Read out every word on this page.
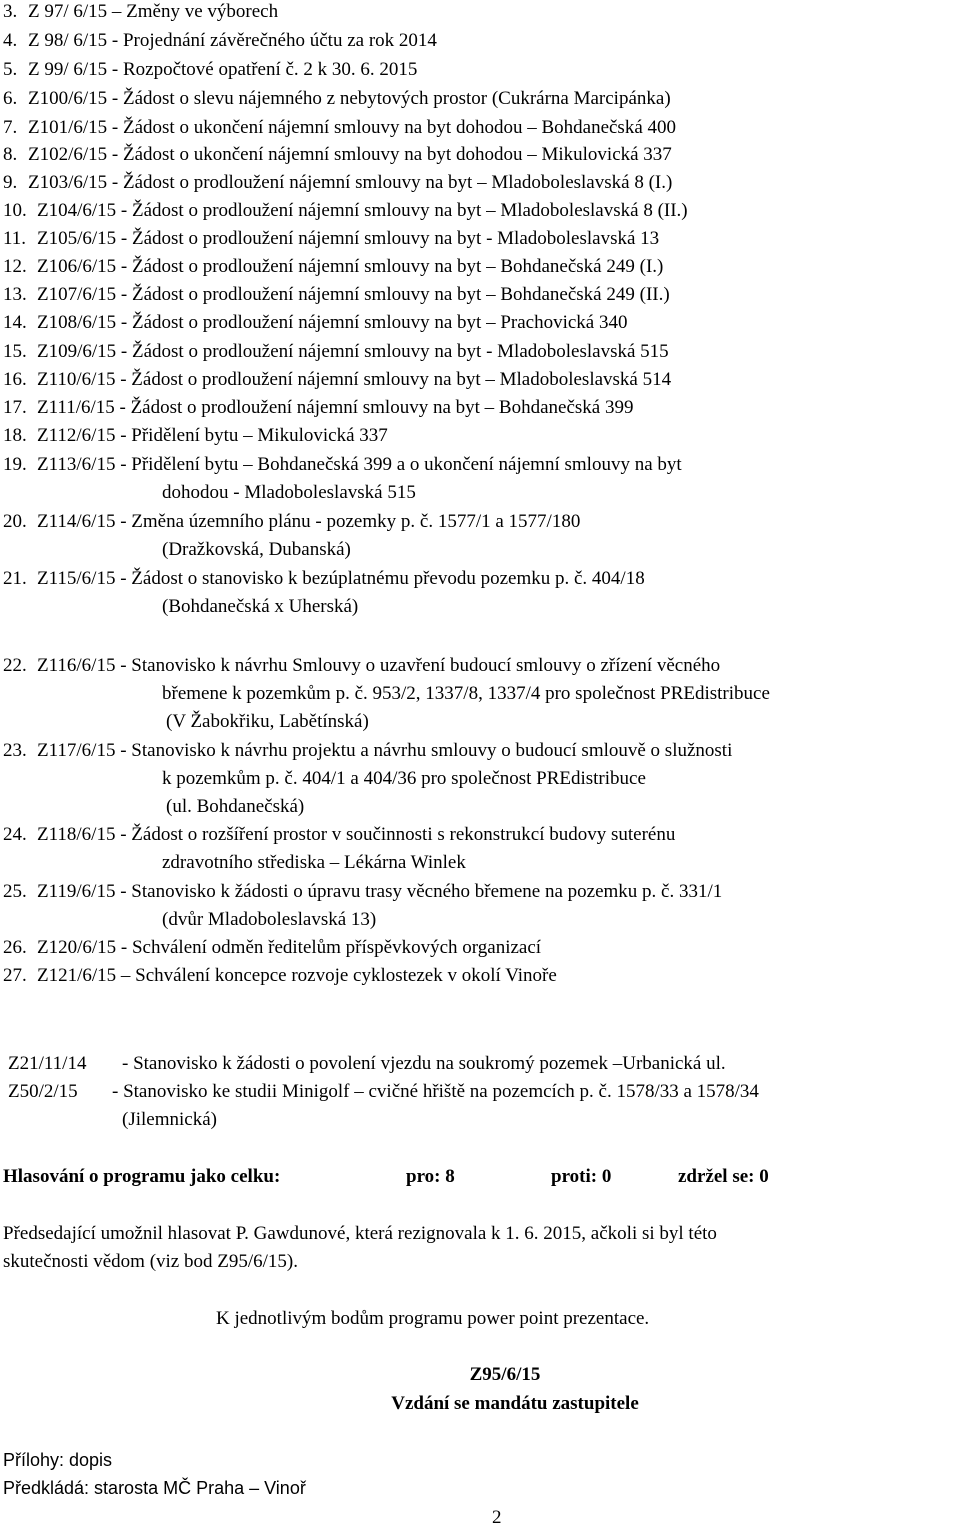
3. Z 97/ 6/15 – Změny ve výborech
4. Z 98/ 6/15 - Projednání závěrečného účtu za rok 2014
5. Z 99/ 6/15 - Rozpočtové opatření č. 2 k 30. 6. 2015
6. Z100/6/15 - Žádost o slevu nájemného z nebytových prostor (Cukrárna Marcipánka)
7. Z101/6/15 - Žádost o ukončení nájemní smlouvy na byt dohodou – Bohdanečská 400
8. Z102/6/15 - Žádost o ukončení nájemní smlouvy na byt dohodou – Mikulovická 337
9. Z103/6/15 - Žádost o prodloužení nájemní smlouvy na byt – Mladoboleslavská 8 (I.)
10. Z104/6/15 - Žádost o prodloužení nájemní smlouvy na byt – Mladoboleslavská 8 (II.)
11. Z105/6/15 - Žádost o prodloužení nájemní smlouvy na byt - Mladoboleslavská 13
12. Z106/6/15 - Žádost o prodloužení nájemní smlouvy na byt – Bohdanečská 249 (I.)
13. Z107/6/15 - Žádost o prodloužení nájemní smlouvy na byt – Bohdanečská 249 (II.)
14. Z108/6/15 - Žádost o prodloužení nájemní smlouvy na byt – Prachovická 340
15. Z109/6/15 - Žádost o prodloužení nájemní smlouvy na byt - Mladoboleslavská 515
16. Z110/6/15 - Žádost o prodloužení nájemní smlouvy na byt – Mladoboleslavská 514
17. Z111/6/15 - Žádost o prodloužení nájemní smlouvy na byt – Bohdanečská 399
18. Z112/6/15 - Přidělení bytu – Mikulovická 337
19. Z113/6/15 - Přidělení bytu – Bohdanečská 399 a o ukončení nájemní smlouvy na byt
dohodou - Mladoboleslavská 515
20. Z114/6/15 - Změna územního plánu - pozemky p. č. 1577/1 a 1577/180
(Dražkovská, Dubanská)
21. Z115/6/15 - Žádost o stanovisko k bezúplatnému převodu pozemku p. č. 404/18
(Bohdanečská x Uherská)
22. Z116/6/15 - Stanovisko k návrhu Smlouvy o uzavření budoucí smlouvy o zřízení věcného
břemene k pozemkům p. č. 953/2, 1337/8, 1337/4 pro společnost PREdistribuce
(V Žabokřiku, Labětínská)
23. Z117/6/15 - Stanovisko k návrhu projektu a návrhu smlouvy o budoucí smlouvě o služnosti
k pozemkům p. č. 404/1 a 404/36 pro společnost PREdistribuce
(ul. Bohdanečská)
24. Z118/6/15 - Žádost o rozšíření prostor v součinnosti s rekonstrukcí budovy suterénu
zdravotního střediska – Lékárna Winlek
25. Z119/6/15 - Stanovisko k žádosti o úpravu trasy věcného břemene na pozemku p. č. 331/1
(dvůr Mladoboleslavská 13)
26. Z120/6/15 - Schválení odměn ředitelům příspěvkových organizací
27. Z121/6/15 – Schválení koncepce rozvoje cyklostezek v okolí Vinoře
Z21/11/14 - Stanovisko k žádosti o povolení vjezdu na soukromý pozemek –Urbanická ul.
Z50/2/15 - Stanovisko ke studii Minigolf – cvičné hřiště na pozemcích p. č. 1578/33 a 1578/34
(Jilemnická)
Hlasování o programu jako celku:	pro: 8	proti: 0	zdržel se: 0
Předsedající umožnil hlasovat P. Gawdunové, která rezignovala k 1. 6. 2015, ačkoli si byl této
skutečnosti vědom (viz bod Z95/6/15).
K jednotlivým bodům programu power point prezentace.
Z95/6/15
Vzdání se mandátu zastupitele
Přílohy: dopis
Předkládá: starosta MČ Praha – Vinoř
2
